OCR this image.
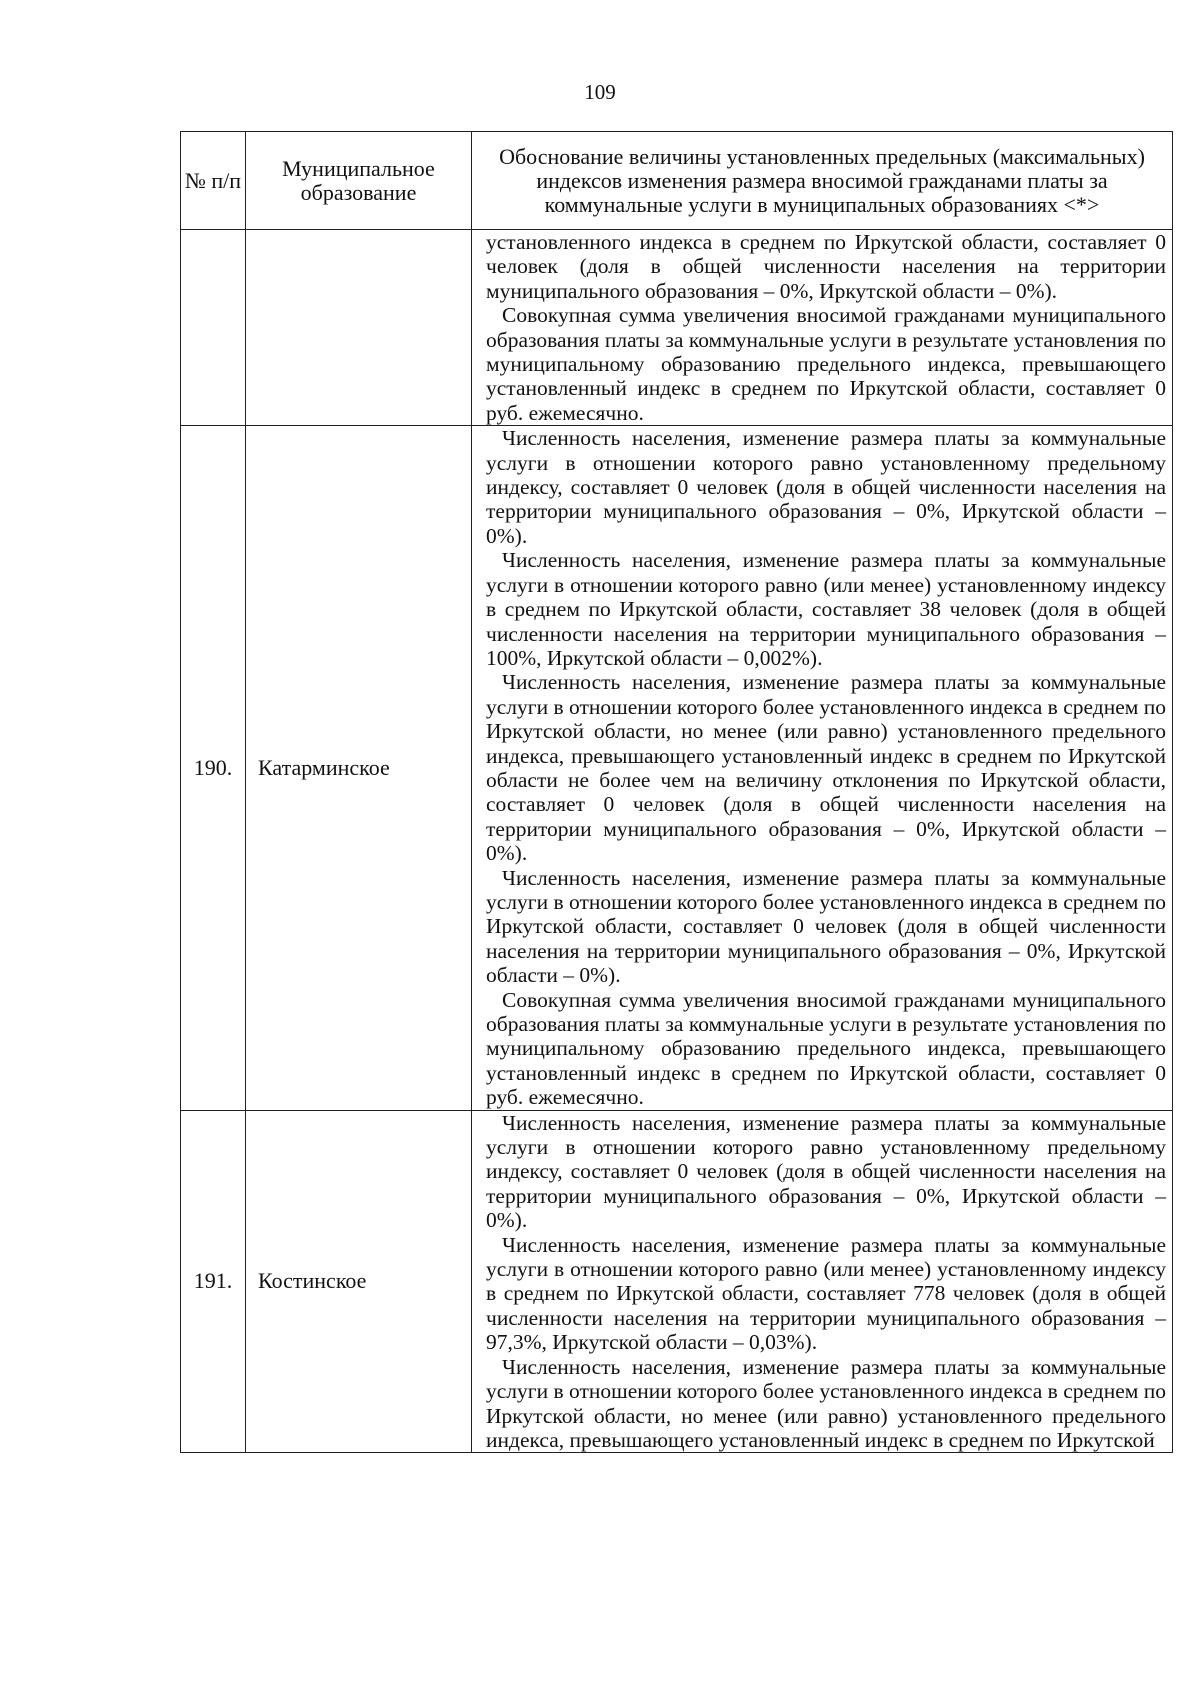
109
№ п/п	Муниципальное образование	Обоснование величины установленных предельных (максимальных) индексов изменения размера вносимой гражданами платы за коммунальные услуги в муниципальных образованиях <*>

		установленного индекса в среднем по Иркутской области, составляет 0 человек (доля в общей численности населения на территории муниципального образования – 0%, Иркутской области – 0%).

Совокупная сумма увеличения вносимой гражданами муниципального образования платы за коммунальные услуги в результате установления по муниципальному образованию предельного индекса, превышающего установленный индекс в среднем по Иркутской области, составляет 0 руб. ежемесячно.

190.	Катарминское	Численность населения, изменение размера платы за коммунальные услуги в отношении которого равно установленному предельному индексу, составляет 0 человек (доля в общей численности населения на территории муниципального образования – 0%, Иркутской области – 0%).

Численность населения, изменение размера платы за коммунальные услуги в отношении которого равно (или менее) установленному индексу в среднем по Иркутской области, составляет 38 человек (доля в общей численности населения на территории муниципального образования – 100%, Иркутской области – 0,002%).

Численность населения, изменение размера платы за коммунальные услуги в отношении которого более установленного индекса в среднем по Иркутской области, но менее (или равно) установленного предельного индекса, превышающего установленный индекс в среднем по Иркутской области не более чем на величину отклонения по Иркутской области, составляет 0 человек (доля в общей численности населения на территории муниципального образования – 0%, Иркутской области – 0%).

Численность населения, изменение размера платы за коммунальные услуги в отношении которого более установленного индекса в среднем по Иркутской области, составляет 0 человек (доля в общей численности населения на территории муниципального образования – 0%, Иркутской области – 0%).

Совокупная сумма увеличения вносимой гражданами муниципального образования платы за коммунальные услуги в результате установления по муниципальному образованию предельного индекса, превышающего установленный индекс в среднем по Иркутской области, составляет 0 руб. ежемесячно.

191.	Костинское	Численность населения, изменение размера платы за коммунальные услуги в отношении которого равно установленному предельному индексу, составляет 0 человек (доля в общей численности населения на территории муниципального образования – 0%, Иркутской области – 0%).

Численность населения, изменение размера платы за коммунальные услуги в отношении которого равно (или менее) установленному индексу в среднем по Иркутской области, составляет 778 человек (доля в общей численности населения на территории муниципального образования – 97,3%, Иркутской области – 0,03%).

Численность населения, изменение размера платы за коммунальные услуги в отношении которого более установленного индекса в среднем по Иркутской области, но менее (или равно) установленного предельного индекса, превышающего установленный индекс в среднем по Иркутской
